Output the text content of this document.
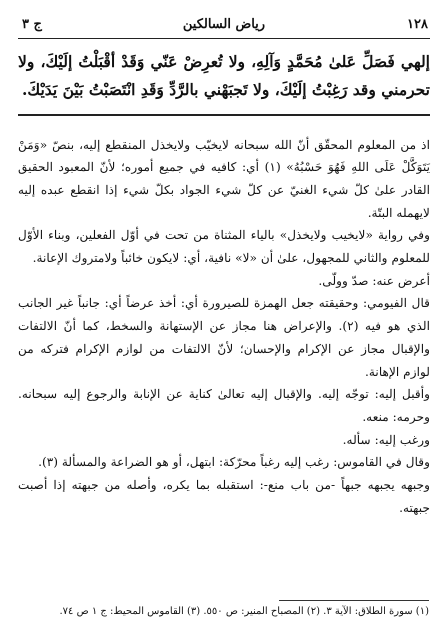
١٢٨
رياض السالكين
ج ٣

إلهي فَصَلِّ عَلىٰ مُحَمَّدٍ وَآلِهِ، ولا تُعرِضْ عَنّي وَقَدْ أقْبَلْتُ إلَيْكَ، ولا تحرمني وقد رَغِبْتُ إلَيْكَ، ولا تَجبَهْني بالرَّدِّ وَقَدِ انْتَصَبْتُ بَيْنَ يَدَيْكَ.

اذ من المعلوم المحقّق أنّ الله سبحانه لايخيّب ولايخذل المنقطع إليه، بنصّ «وَمَنْ يَتَوَكَّلْ عَلَى اللهِ فَهُوَ حَسْبُهُ» (١) أي: كافيه في جميع أموره؛ لأنّ المعبود الحقيق القادر علىٰ كلّ شيء الغنيّ عن كلّ شيء الجواد بكلّ شيء إذا انقطع عبده إليه لايهمله البتّة.

وفي رواية «لايخيب ولايخذل» بالياء المثناة من تحت في أوّل الفعلين، وبناء الأوّل للمعلوم والثاني للمجهول، علىٰ أن «لا» نافية، أي: لايكون خائباً ولامتروك الإعانة.

أعرض عنه: صدّ وولّى.

قال الفيومي: وحقيقته جعل الهمزة للصيرورة أي: أخذ عرضاً أي: جانباً غير الجانب الذي هو فيه (٢). والإعراض هنا مجاز عن الإستهانة والسخط، كما أنّ الالتفات والإقبال مجاز عن الإكرام والإحسان؛ لأنّ الالتفات من لوازم الإكرام فتركه من لوازم الإهانة.

وأقبل إليه: توجّه إليه. والإقبال إليه تعالىٰ كناية عن الإنابة والرجوع إليه سبحانه. وحرمه: منعه.

ورغب إليه: سأله.

وقال في القاموس: رغب إليه رغباً محرّكة: ابتهل، أو هو الضراعة والمسألة (٣).

وجبهه يجبهه جبهاً -من باب منع-: استقبله بما يكره، وأصله من جبهته إذا أصبت جبهته.

(١) سورة الطلاق: الآية ٣. (٢) المصباح المنير: ص ٥٥٠. (٣) القاموس المحيط: ج ١ ص ٧٤.
